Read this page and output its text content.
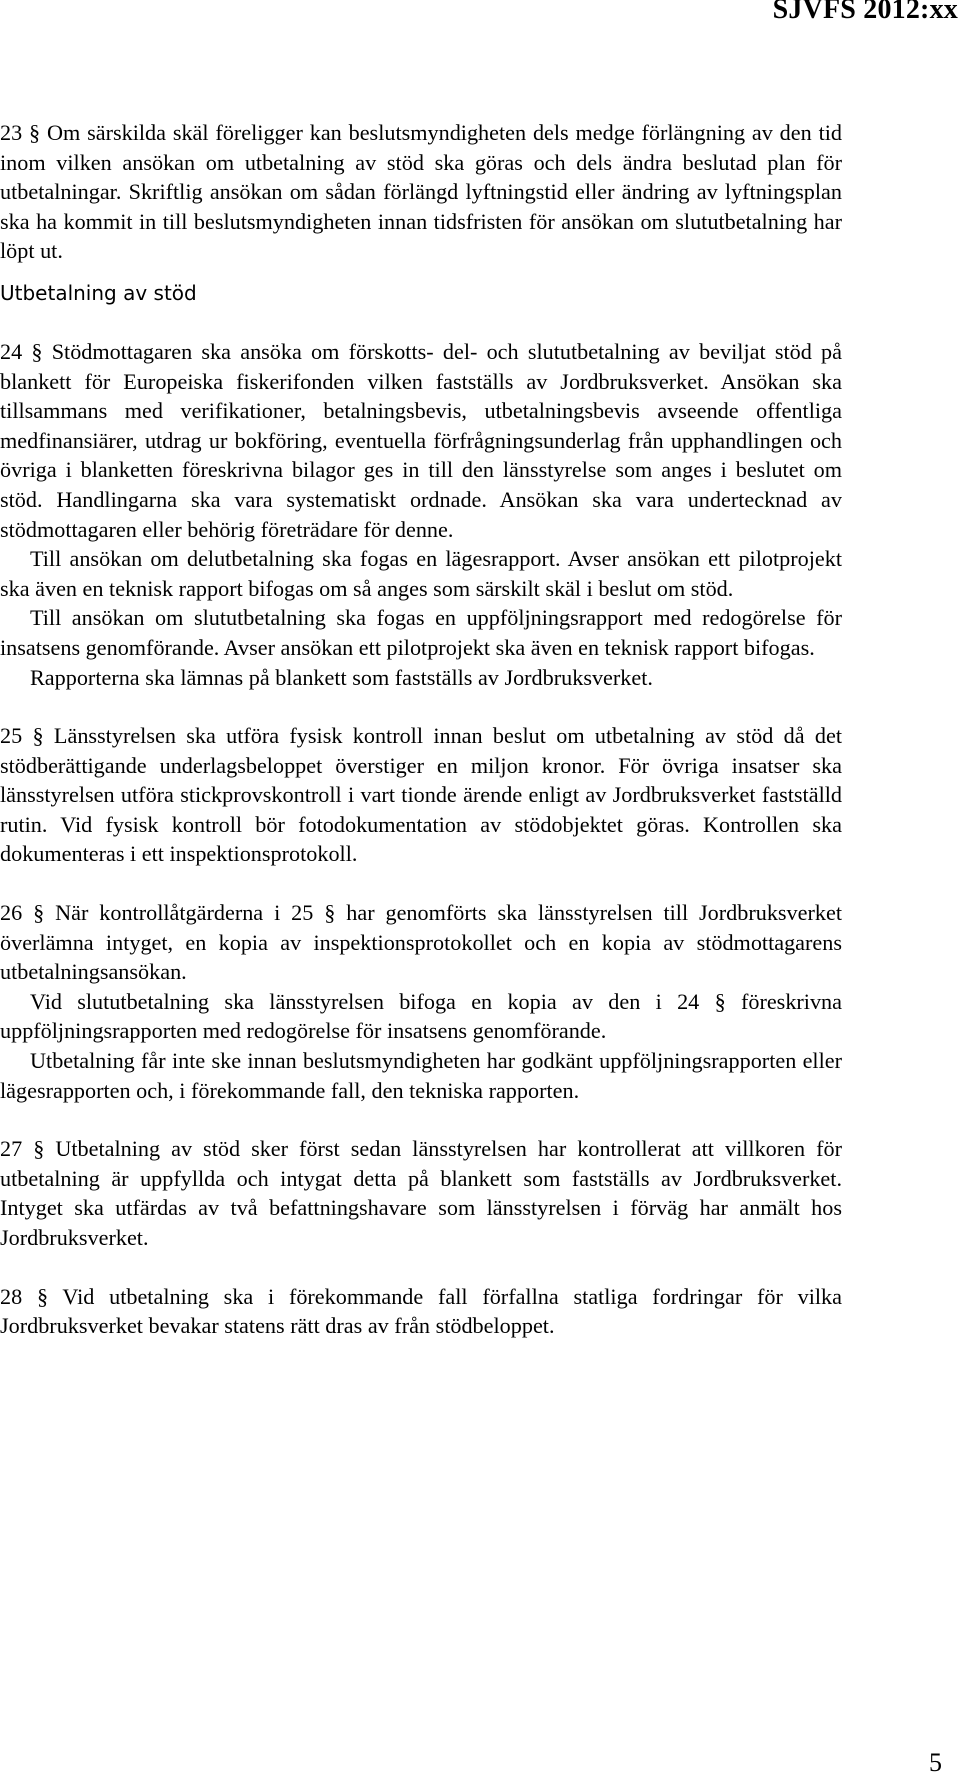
SJVFS 2012:xx

23 § Om särskilda skäl föreligger kan beslutsmyndigheten dels medge förlängning av den tid inom vilken ansökan om utbetalning av stöd ska göras och dels ändra beslutad plan för utbetalningar. Skriftlig ansökan om sådan förlängd lyftningstid eller ändring av lyftningsplan ska ha kommit in till beslutsmyndigheten innan tidsfristen för ansökan om slututbetalning har löpt ut.

Utbetalning av stöd

24 § Stödmottagaren ska ansöka om förskotts- del- och slututbetalning av beviljat stöd på blankett för Europeiska fiskerifonden vilken fastställs av Jordbruksverket. Ansökan ska tillsammans med verifikationer, betalningsbevis, utbetalningsbevis avseende offentliga medfinansiärer, utdrag ur bokföring, eventuella förfrågningsunderlag från upphandlingen och övriga i blanketten föreskrivna bilagor ges in till den länsstyrelse som anges i beslutet om stöd. Handlingarna ska vara systematiskt ordnade. Ansökan ska vara undertecknad av stödmottagaren eller behörig företrädare för denne.

Till ansökan om delutbetalning ska fogas en lägesrapport. Avser ansökan ett pilotprojekt ska även en teknisk rapport bifogas om så anges som särskilt skäl i beslut om stöd.

Till ansökan om slututbetalning ska fogas en uppföljningsrapport med redogörelse för insatsens genomförande. Avser ansökan ett pilotprojekt ska även en teknisk rapport bifogas.

Rapporterna ska lämnas på blankett som fastställs av Jordbruksverket.

25 § Länsstyrelsen ska utföra fysisk kontroll innan beslut om utbetalning av stöd då det stödberättigande underlagsbeloppet överstiger en miljon kronor. För övriga insatser ska länsstyrelsen utföra stickprovskontroll i vart tionde ärende enligt av Jordbruksverket fastställd rutin. Vid fysisk kontroll bör fotodokumentation av stödobjektet göras. Kontrollen ska dokumenteras i ett inspektionsprotokoll.

26 § När kontrollåtgärderna i 25 § har genomförts ska länsstyrelsen till Jordbruksverket överlämna intyget, en kopia av inspektionsprotokollet och en kopia av stödmottagarens utbetalningsansökan.

Vid slututbetalning ska länsstyrelsen bifoga en kopia av den i 24 § föreskrivna uppföljningsrapporten med redogörelse för insatsens genomförande.

Utbetalning får inte ske innan beslutsmyndigheten har godkänt uppföljningsrapporten eller lägesrapporten och, i förekommande fall, den tekniska rapporten.

27 § Utbetalning av stöd sker först sedan länsstyrelsen har kontrollerat att villkoren för utbetalning är uppfyllda och intygat detta på blankett som fastställs av Jordbruksverket. Intyget ska utfärdas av två befattningshavare som länsstyrelsen i förväg har anmält hos Jordbruksverket.

28 § Vid utbetalning ska i förekommande fall förfallna statliga fordringar för vilka Jordbruksverket bevakar statens rätt dras av från stödbeloppet.

5
